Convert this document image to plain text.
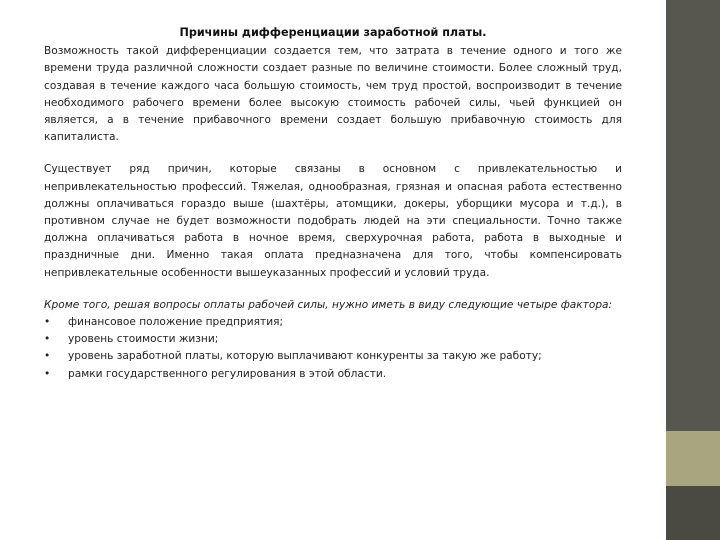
Причины дифференциации заработной платы.

Возможность такой дифференциации создается тем, что затрата в течение одного и того же времени труда различной сложности создает разные по величине стоимости. Более сложный труд, создавая в течение каждого часа большую стоимость, чем труд простой, воспроизводит в течение необходимого рабочего времени более высокую стоимость рабочей силы, чьей функцией он является, а в течение прибавочного времени создает большую прибавочную стоимость для капиталиста.

Существует ряд причин, которые связаны в основном с привлекательностью и непривлекательностью профессий. Тяжелая, однообразная, грязная и опасная работа естественно должны оплачиваться гораздо выше (шахтёры, атомщики, докеры, уборщики мусора и т.д.), в противном случае не будет возможности подобрать людей на эти специальности. Точно также должна оплачиваться работа в ночное время, сверхурочная работа, работа в выходные и праздничные дни. Именно такая оплата предназначена для того, чтобы компенсировать непривлекательные особенности вышеуказанных профессий и условий труда.

Кроме того, решая вопросы оплаты рабочей силы, нужно иметь в виду следующие четыре фактора:

• финансовое положение предприятия;
• уровень стоимости жизни;
• уровень заработной платы, которую выплачивают конкуренты за такую же работу;
• рамки государственного регулирования в этой области.
